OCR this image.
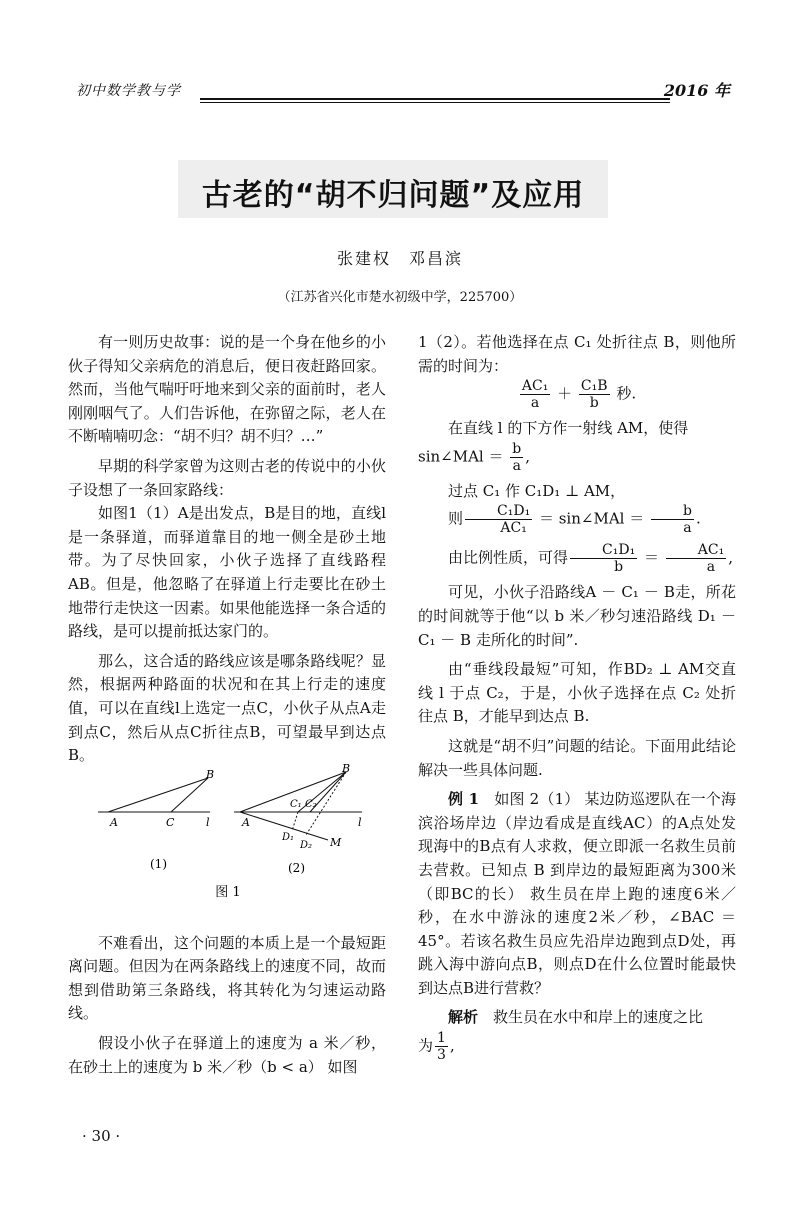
初中数学教与学	2016 年
古老的“胡不归问题”及应用
张建权　邓昌滨
（江苏省兴化市楚水初级中学，225700）

有一则历史故事：说的是一个身在他乡的小伙子得知父亲病危的消息后，便日夜赶路回家。然而，当他气喘吁吁地来到父亲的面前时，老人刚刚咽气了。人们告诉他，在弥留之际，老人在不断喃喃叨念：“胡不归？胡不归？…”

早期的科学家曾为这则古老的传说中的小伙子设想了一条回家路线：

如图1（1）A是出发点，B是目的地，直线l是一条驿道，而驿道靠目的地一侧全是砂土地带。为了尽快回家，小伙子选择了直线路程AB。但是，他忽略了在驿道上行走要比在砂土地带行走快这一因素。如果他能选择一条合适的路线，是可以提前抵达家门的。

那么，这合适的路线应该是哪条路线呢？显然，根据两种路面的状况和在其上行走的速度值，可以在直线l上选定一点C，小伙子从点A走到点C，然后从点C折往点B，可望最早到达点B。

A
B
C	l	A
B
C₁ C₂
l
D₁
D₂ M
(1)	(2)
图 1

不难看出，这个问题的本质上是一个最短距离问题。但因为在两条路线上的速度不同，故而想到借助第三条路线，将其转化为匀速运动路线。

假设小伙子在驿道上的速度为 a 米／秒，在砂土上的速度为 b 米／秒（b < a） 如图

1（2）。若他选择在点 C₁ 处折往点 B，则他所需的时间为：

$\frac{\text{AC₁}}{a} + \frac{\text{C₁B}}{b}$ 秒.

在直线 l 的下方作一射线 AM，使得

sin∠MAl ＝ $\frac{b}{a}$ ,

过点 C₁ 作 C₁D₁ ⊥ AM，

则 $\frac{\text{C₁D₁}}{\text{AC₁}}$ ＝ sin∠MAl ＝ $\frac{b}{a}$ .

由比例性质，可得 $\frac{\text{C₁D₁}}{b} = \frac{\text{AC₁}}{a}$ ,

可见，小伙子沿路线A － C₁ － B走，所花的时间就等于他“以 b 米／秒匀速沿路线 D₁ － C₁ － B 走所化的时间”.

由“垂线段最短”可知，作BD₂ ⊥ AM交直线 l 于点 C₂，于是，小伙子选择在点 C₂ 处折往点 B，才能早到达点 B.

这就是“胡不归”问题的结论。下面用此结论解决一些具体问题.

例 1　 如图 2（1） 某边防巡逻队在一个海滨浴场岸边（岸边看成是直线AC）的A点处发现海中的B点有人求救，便立即派一名救生员前去营救。已知点 B 到岸边的最短距离为300米（即BC的长） 救生员在岸上跑的速度6米／秒，在水中游泳的速度2米／秒，∠BAC ＝ 45°。若该名救生员应先沿岸边跑到点D处，再跳入海中游向点B，则点D在什么位置时能最快到达点B进行营救？

解析　 救生员在水中和岸上的速度之比

为 $\frac{1}{3}$ ,

· 30 ·
